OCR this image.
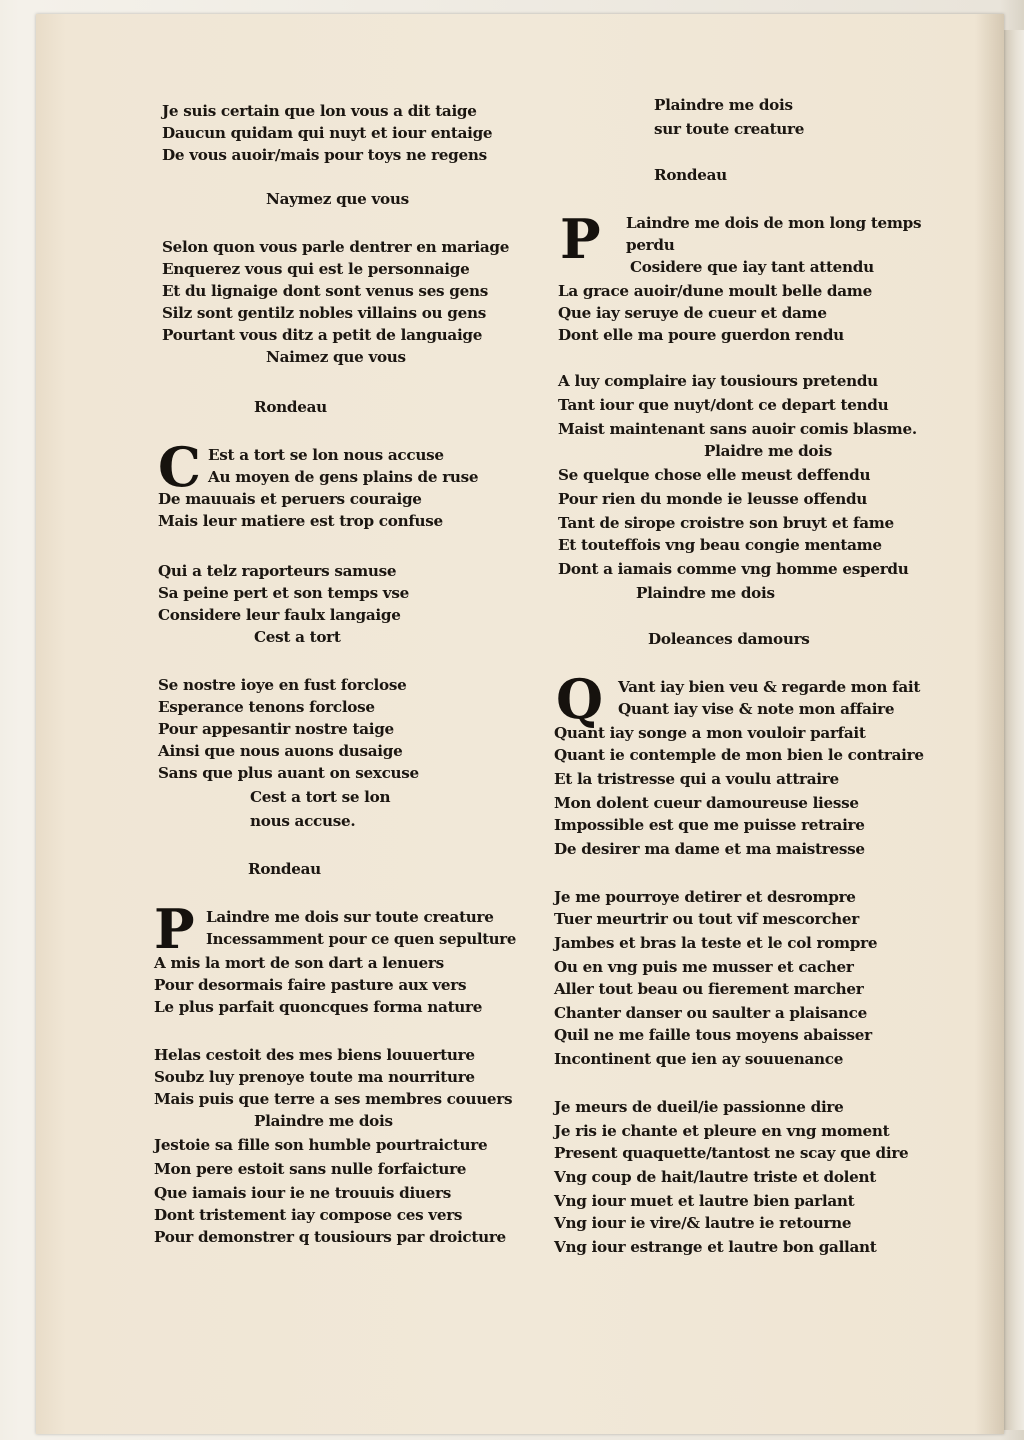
Je suis certain que lon vous a dit taige
Daucun quidam qui nuyt et iour entaige
De vous auoir/mais pour toys ne regens
Naymez que vous
Selon quon vous parle dentrer en mariage
Enquerez vous qui est le personnaige
Et du lignaige dont sont venus ses gens
Silz sont gentilz nobles villains ou gens
Pourtant vous ditz a petit de languaige
Naimez que vous
Rondeau
C Est a tort se lon nous accuse
Au moyen de gens plains de ruse
De mauuais et peruers couraige
Mais leur matiere est trop confuse
Qui a telz raporteurs samuse
Sa peine pert et son temps vse
Considere leur faulx langaige
Cest a tort
Se nostre ioye en fust forclose
Esperance tenons forclose
Pour appesantir nostre taige
Ainsi que nous auons dusaige
Sans que plus auant on sexcuse
Cest a tort se lon
nous accuse.
Rondeau
P Laindre me dois sur toute creature
Incessamment pour ce quen sepulture
A mis la mort de son dart a lenuers
Pour desormais faire pasture aux vers
Le plus parfait quoncques forma nature
Helas cestoit des mes biens louuerture
Soubz luy prenoye toute ma nourriture
Mais puis que terre a ses membres couuers
Plaindre me dois
Jestoie sa fille son humble pourtraicture
Mon pere estoit sans nulle forfaicture
Que iamais iour ie ne trouuis diuers
Dont tristement iay compose ces vers
Pour demonstrer q tousiours par droicture
Plaindre me dois
sur toute creature
Rondeau
P Laindre me dois de mon long temps
perdu
Cosidere que iay tant attendu
La grace auoir/dune moult belle dame
Que iay seruye de cueur et dame
Dont elle ma poure guerdon rendu
A luy complaire iay tousiours pretendu
Tant iour que nuyt/dont ce depart tendu
Maist maintenant sans auoir comis blasme.
Plaidre me dois
Se quelque chose elle meust deffendu
Pour rien du monde ie leusse offendu
Tant de sirope croistre son bruyt et fame
Et touteffois vng beau congie mentame
Dont a iamais comme vng homme esperdu
Plaindre me dois
Doleances damours
Q Vant iay bien veu & regarde mon fait
Quant iay vise & note mon affaire
Quant iay songe a mon vouloir parfait
Quant ie contemple de mon bien le contraire
Et la tristresse qui a voulu attraire
Mon dolent cueur damoureuse liesse
Impossible est que me puisse retraire
De desirer ma dame et ma maistresse
Je me pourroye detirer et desrompre
Tuer meurtrir ou tout vif mescorcher
Jambes et bras la teste et le col rompre
Ou en vng puis me musser et cacher
Aller tout beau ou fierement marcher
Chanter danser ou saulter a plaisance
Quil ne me faille tous moyens abaisser
Incontinent que ien ay souuenance
Je meurs de dueil/ie passionne dire
Je ris ie chante et pleure en vng moment
Present quaquette/tantost ne scay que dire
Vng coup de hait/lautre triste et dolent
Vng iour muet et lautre bien parlant
Vng iour ie vire/& lautre ie retourne
Vng iour estrange et lautre bon gallant
